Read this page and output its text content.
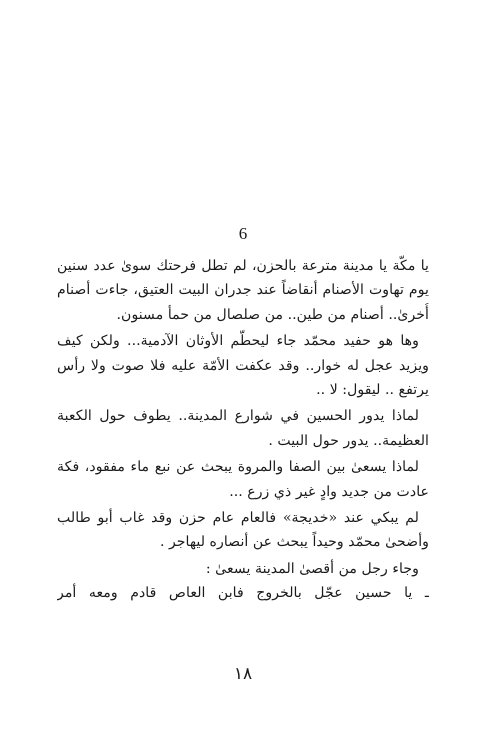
6

يا مكّة يا مدينة مترعة بالحزن، لم تطل فرحتك سوىٰ عدد سنين
يوم تهاوت الأصنام أنقاضاً عند جدران البيت العتيق، جاءت أصنام
أُخرىٰ.. أصنام من طين.. من صلصال من حمأ مسنون.

وها هو حفيد محمّد جاء ليحطّم الأوثان الآدمية... ولكن كيف
ويزيد عجل له خوار.. وقد عكفت الأمّة عليه فلا صوت ولا رأس
يرتفع .. ليقول: لا ..

لماذا يدور الحسين في شوارع المدينة.. يطوف حول الكعبة
العظيمة.. يدور حول البيت .

لماذا يسعىٰ بين الصفا والمروة يبحث عن نبع ماء مفقود، فكة
عادت من جديد وادٍ غير ذي زرع ...

لم يبكي عند «خديجة» فالعام عام حزن وقد غاب أبو طالب
وأضحىٰ محمّد وحيداً يبحث عن أنصاره ليهاجر .

وجاء رجل من أقصىٰ المدينة يسعىٰ :
ـ يا حسين عجّل بالخروج فابن العاص قادم ومعه أمر

١٨
